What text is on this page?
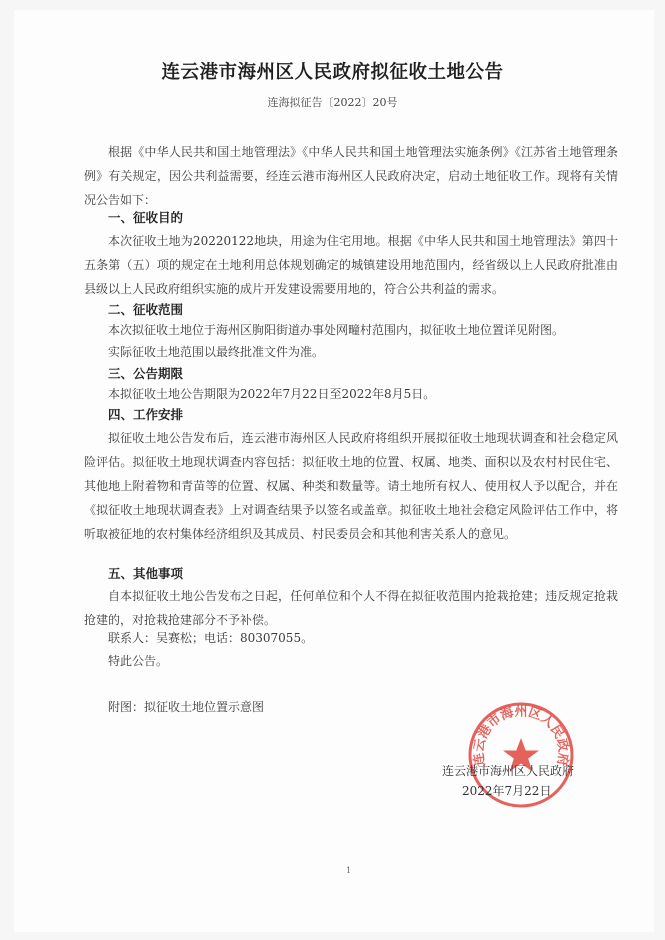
连云港市海州区人民政府拟征收土地公告
连海拟征告〔2022〕20号

根据《中华人民共和国土地管理法》《中华人民共和国土地管理法实施条例》《江苏省土地管理条例》有关规定，因公共利益需要，经连云港市海州区人民政府决定，启动土地征收工作。现将有关情况公告如下：

一、征收目的

本次征收土地为20220122地块，用途为住宅用地。根据《中华人民共和国土地管理法》第四十五条第（五）项的规定在土地利用总体规划确定的城镇建设用地范围内，经省级以上人民政府批准由县级以上人民政府组织实施的成片开发建设需要用地的，符合公共利益的需求。

二、征收范围
本次拟征收土地位于海州区朐阳街道办事处网疃村范围内，拟征收土地位置详见附图。
实际征收土地范围以最终批准文件为准。
三、公告期限
本拟征收土地公告期限为2022年7月22日至2022年8月5日。
四、工作安排

拟征收土地公告发布后，连云港市海州区人民政府将组织开展拟征收土地现状调查和社会稳定风险评估。拟征收土地现状调查内容包括：拟征收土地的位置、权属、地类、面积以及农村村民住宅、其他地上附着物和青苗等的位置、权属、种类和数量等。请土地所有权人、使用权人予以配合，并在《拟征收土地现状调查表》上对调查结果予以签名或盖章。拟征收土地社会稳定风险评估工作中，将听取被征地的农村集体经济组织及其成员、村民委员会和其他利害关系人的意见。

五、其他事项

自本拟征收土地公告发布之日起，任何单位和个人不得在拟征收范围内抢栽抢建；违反规定抢栽抢建的，对抢栽抢建部分不予补偿。

联系人：吴赛松；电话：80307055。
特此公告。
附图：拟征收土地位置示意图
连云港市海州区人民政府
连云港市海州区人民政府
2022年7月22日
1
